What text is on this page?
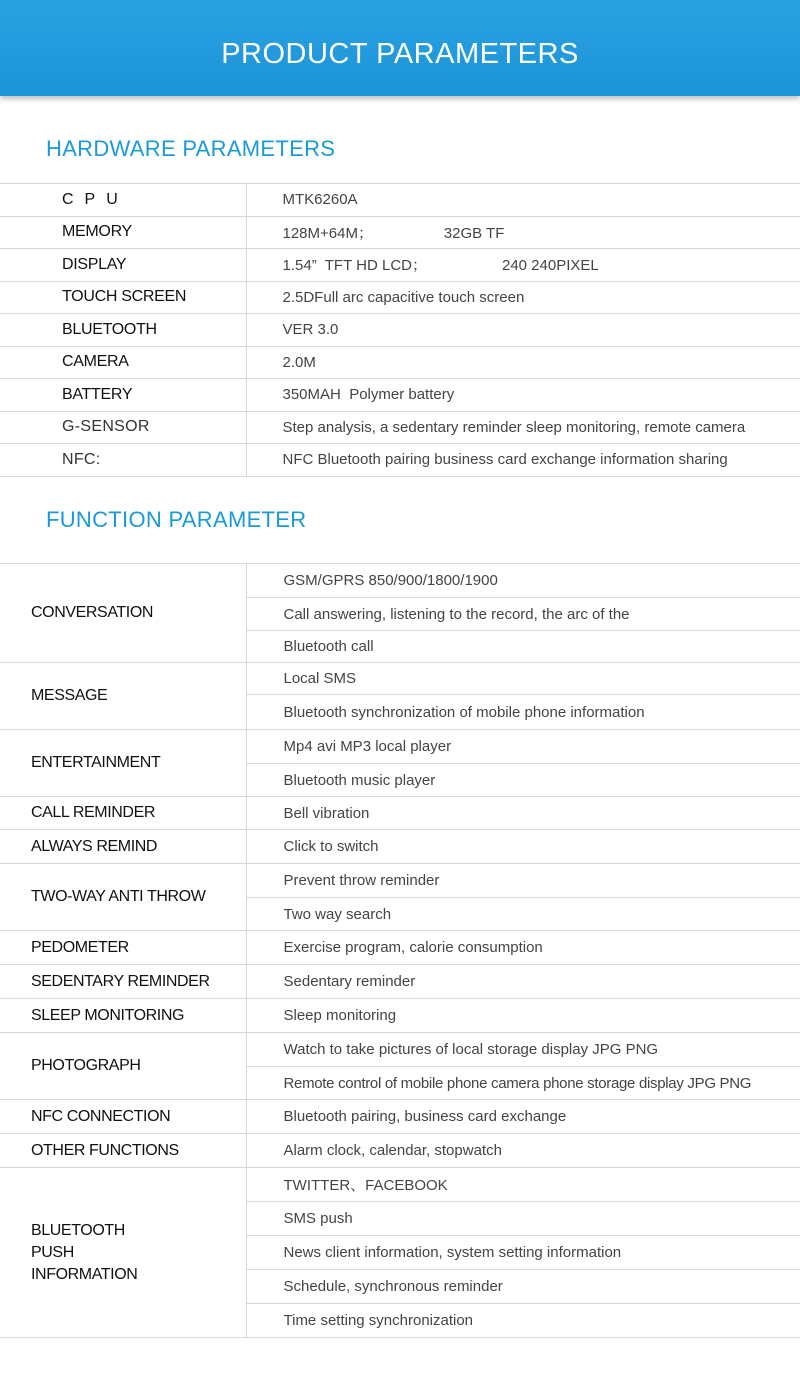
PRODUCT PARAMETERS
HARDWARE PARAMETERS
CPU	MTK6260A
MEMORY	128M+64M；                 32GB TF
DISPLAY	1.54”  TFT HD LCD；                  240 240PIXEL
TOUCH SCREEN	2.5DFull arc capacitive touch screen
BLUETOOTH	VER 3.0
CAMERA	2.0M
BATTERY	350MAH  Polymer battery
G-SENSOR	Step analysis, a sedentary reminder sleep monitoring, remote camera
NFC:	NFC Bluetooth pairing business card exchange information sharing
FUNCTION PARAMETER
CONVERSATION	GSM/GPRS 850/900/1800/1900
	Call answering, listening to the record, the arc of the
	Bluetooth call
MESSAGE	Local SMS
	Bluetooth synchronization of mobile phone information
ENTERTAINMENT	Mp4 avi MP3 local player
	Bluetooth music player
CALL REMINDER	Bell vibration
ALWAYS REMIND	Click to switch
TWO-WAY ANTI THROW	Prevent throw reminder
	Two way search
PEDOMETER	Exercise program, calorie consumption
SEDENTARY REMINDER	Sedentary reminder
SLEEP MONITORING	Sleep monitoring
PHOTOGRAPH	Watch to take pictures of local storage display JPG PNG
	Remote control of mobile phone camera phone storage display JPG PNG
NFC CONNECTION	Bluetooth pairing, business card exchange
OTHER FUNCTIONS	Alarm clock, calendar, stopwatch
BLUETOOTH PUSH INFORMATION	TWITTER、FACEBOOK
	SMS push
	News client information, system setting information
	Schedule, synchronous reminder
	Time setting synchronization
